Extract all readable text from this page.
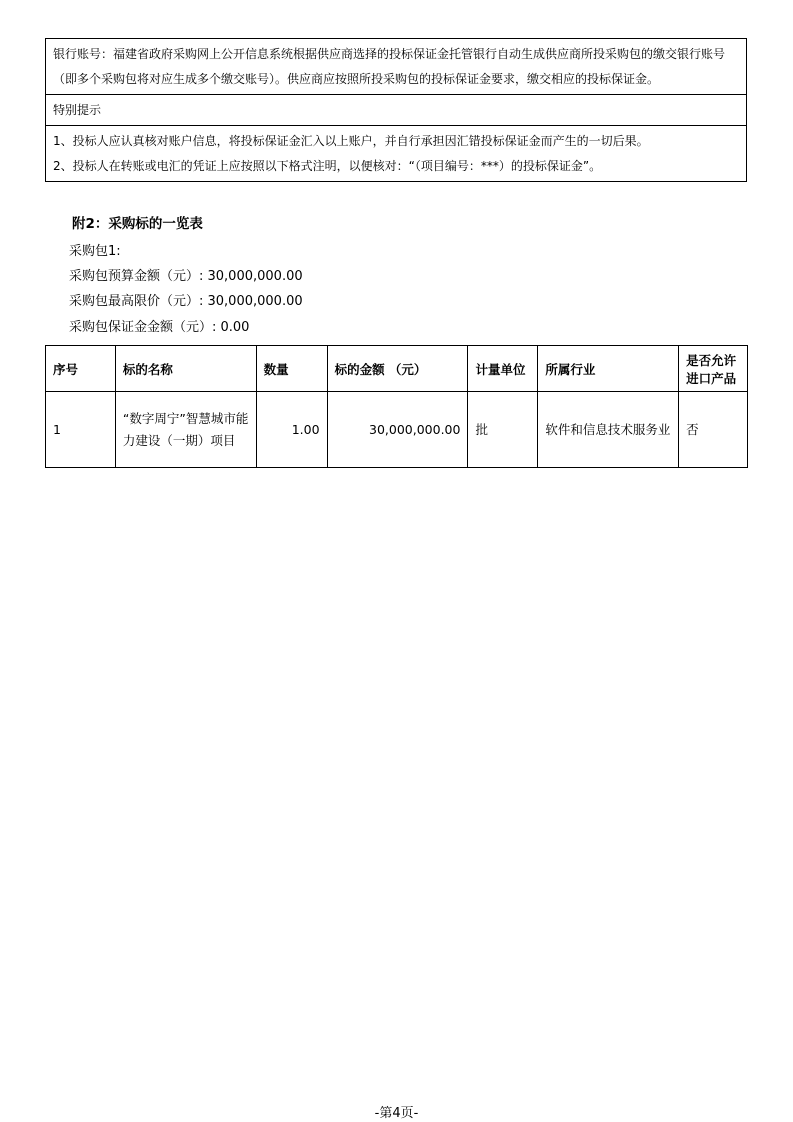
银行账号：福建省政府采购网上公开信息系统根据供应商选择的投标保证金托管银行自动生成供应商所投采购包的缴交银行账号（即多个采购包将对应生成多个缴交账号）。供应商应按照所投采购包的投标保证金要求，缴交相应的投标保证金。

特别提示

1、投标人应认真核对账户信息，将投标保证金汇入以上账户，并自行承担因汇错投标保证金而产生的一切后果。

2、投标人在转账或电汇的凭证上应按照以下格式注明，以便核对：“（项目编号：***）的投标保证金”。

附2：采购标的一览表
采购包1:
采购包预算金额（元）: 30,000,000.00
采购包最高限价（元）: 30,000,000.00
采购包保证金金额（元）: 0.00
序号	标的名称	数量	标的金额 （元）	计量单位	所属行业	是否允许
进口产品
1	“数字周宁”智慧城市能力建设（一期）项目	1.00	30,000,000.00	批	软件和信息技术服务业	否
-第4页-
